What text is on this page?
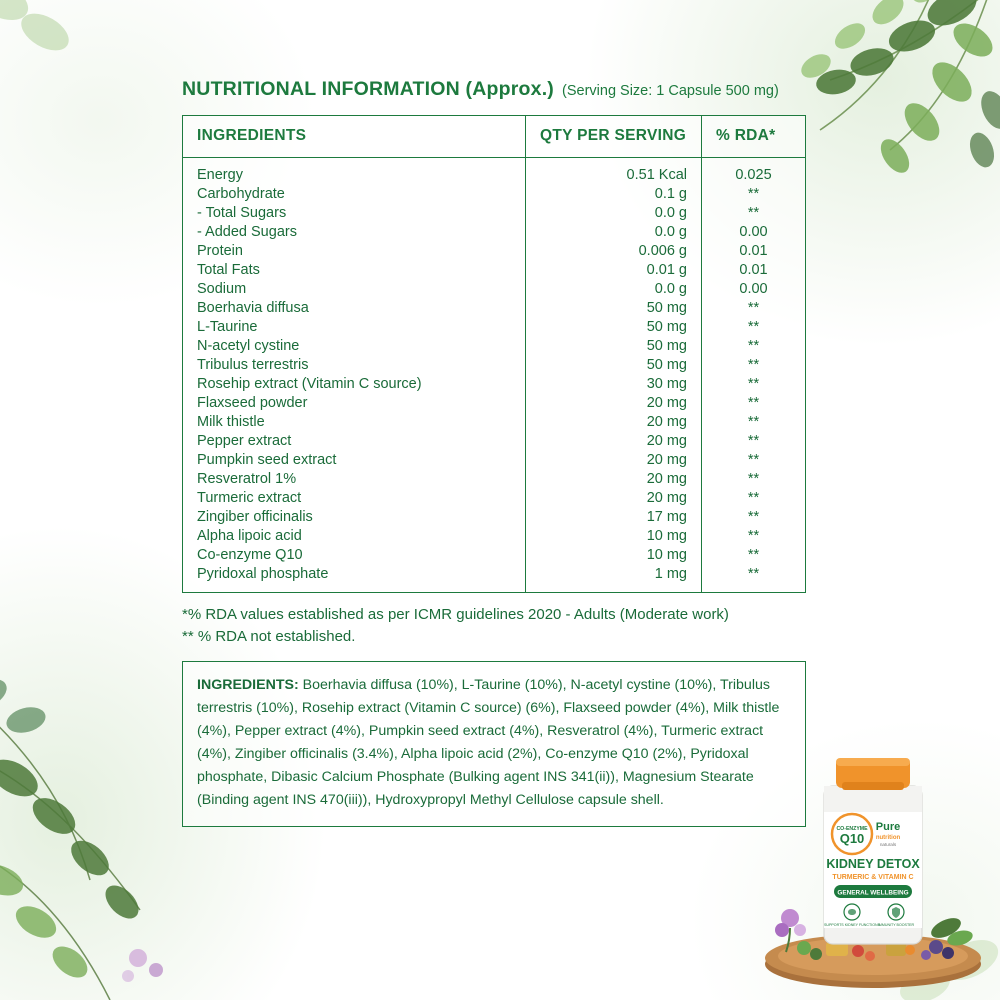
NUTRITIONAL INFORMATION (Approx.) (Serving Size: 1 Capsule 500 mg)
INGREDIENTS	QTY PER SERVING	% RDA*
Energy	0.51 Kcal	0.025
Carbohydrate	0.1 g	**
- Total Sugars	0.0 g	**
- Added Sugars	0.0 g	0.00
Protein	0.006 g	0.01
Total Fats	0.01 g	0.01
Sodium	0.0 g	0.00
Boerhavia diffusa	50 mg	**
L-Taurine	50 mg	**
N-acetyl cystine	50 mg	**
Tribulus terrestris	50 mg	**
Rosehip extract (Vitamin C source)	30 mg	**
Flaxseed powder	20 mg	**
Milk thistle	20 mg	**
Pepper extract	20 mg	**
Pumpkin seed extract	20 mg	**
Resveratrol 1%	20 mg	**
Turmeric extract	20 mg	**
Zingiber officinalis	17 mg	**
Alpha lipoic acid	10 mg	**
Co-enzyme Q10	10 mg	**
Pyridoxal phosphate	1 mg	**
*% RDA values established as per ICMR guidelines 2020 - Adults (Moderate work)
** % RDA not established.
INGREDIENTS: Boerhavia diffusa (10%), L-Taurine (10%), N-acetyl cystine (10%), Tribulus terrestris (10%), Rosehip extract (Vitamin C source) (6%), Flaxseed powder (4%), Milk thistle (4%), Pepper extract (4%), Pumpkin seed extract (4%), Resveratrol (4%), Turmeric extract (4%), Zingiber officinalis (3.4%), Alpha lipoic acid (2%), Co-enzyme Q10 (2%), Pyridoxal phosphate, Dibasic Calcium Phosphate (Bulking agent INS 341(ii)), Magnesium Stearate (Binding agent INS 470(iii)), Hydroxypropyl Methyl Cellulose capsule shell.
CO-ENZYME
Q10
Pure
nutrition
naturals
KIDNEY DETOX
TURMERIC & VITAMIN C
GENERAL WELLBEING
SUPPORTS KIDNEY FUNCTIONS
IMMUNITY BOOSTER
